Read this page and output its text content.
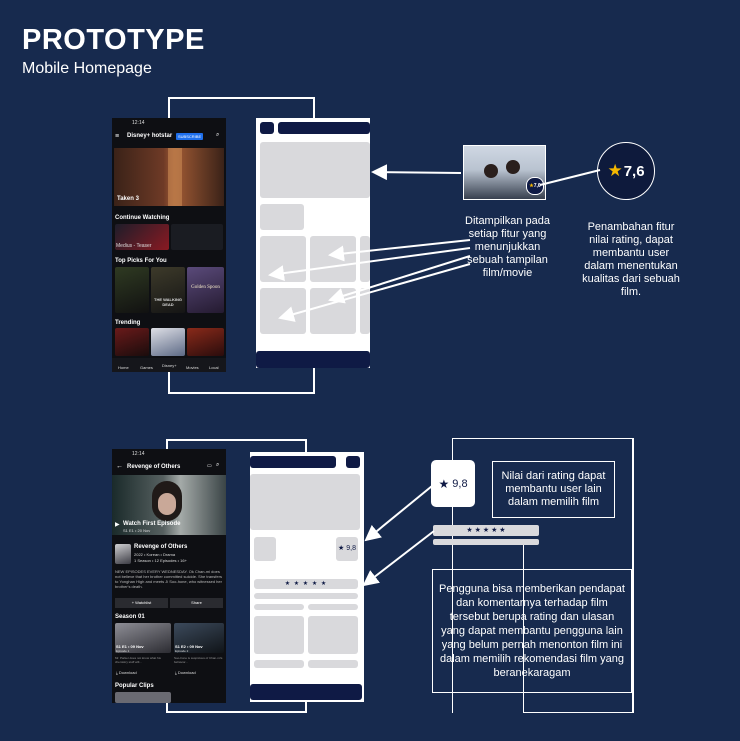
PROTOTYPE
Mobile Homepage
12:14
≡ Disney+ hotstar	SUBSCRIBE	⌕
Taken 3
Continue Watching
Medius - Teaser
Top Picks For You
THE WALKING DEAD
Golden Spoon
Trending
Home	Games Disney+ Movies	Local
★7,6
★ 7,6
Ditampilkan pada setiap fitur yang menunjukkan sebuah tampilan film/movie
Penambahan fitur nilai rating, dapat membantu user dalam menentukan kualitas dari sebuah film.
12:14
← Revenge of Others	▭ ⌕
▶ Watch First Episode
S1 E1 • 20 Nov
Revenge of Others
2022 • Korean • Drama
1 Season • 12 Episodes • 16+
NEW EPISODES EVERY WEDNESDAY. Ok Chan-mi does not believe that her brother committed suicide. She transfers to Yonghan High and meets Ji Soo-hone, who witnessed her brother's death.
+ Watchlist	Share
Season 01
S1 E1 • 09 Nov	S1 E2 • 09 Nov
Episode 1	Episode 2
Mr. Parker does not know what his chemistry stuff will...
Soo-hone is suspicious of Chan-mi's behavior...
⤓ Download	⤓ Download
Popular Clips
★ 9,8
★ ★ ★ ★ ★
★
9,8
Nilai dari rating dapat membantu user lain dalam memilih film
★ ★ ★ ★ ★
Pengguna bisa memberikan pendapat dan komentarnya terhadap film tersebut berupa rating dan ulasan yang dapat membantu pengguna lain yang belum pernah menonton film ini dalam memilih rekomendasi film yang beranekaragam
